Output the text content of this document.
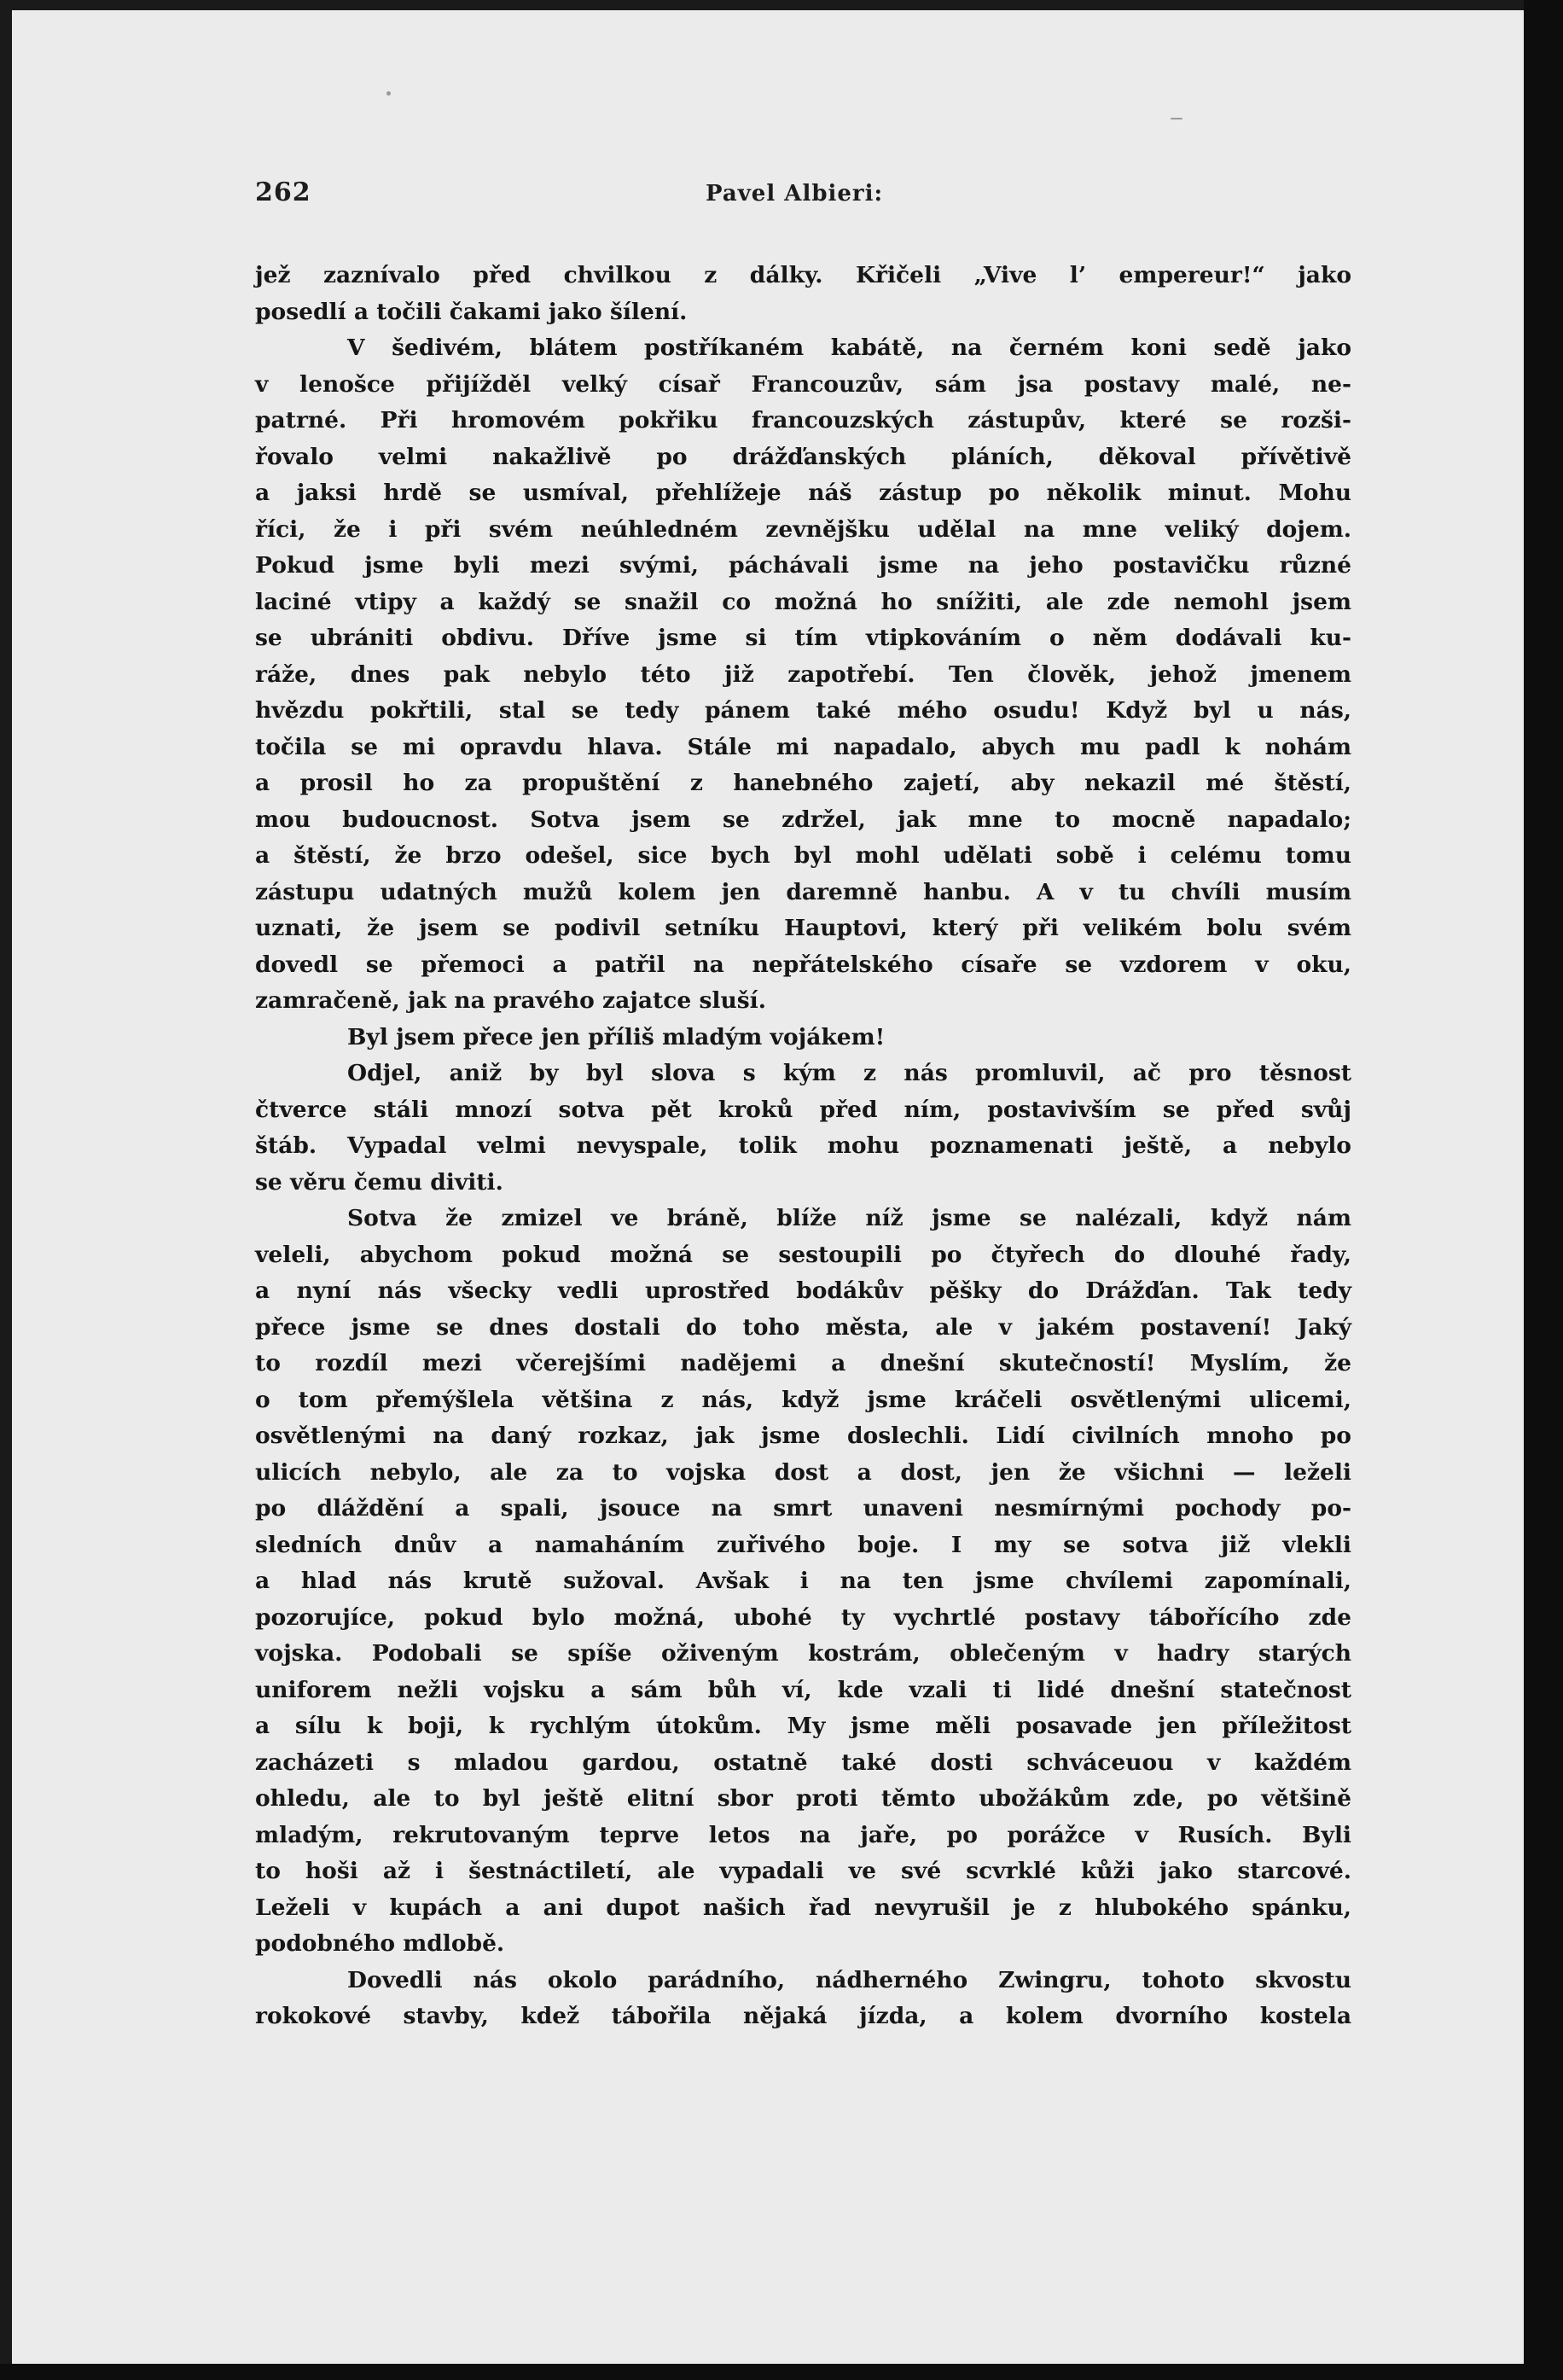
262	Pavel Albieri:
jež zaznívalo před chvilkou z dálky. Křičeli „Vive l’ empereur!“ jako
posedlí a točili čakami jako šílení.
V šedivém, blátem postříkaném kabátě, na černém koni sedě jako
v lenošce přijížděl velký císař Francouzův, sám jsa postavy malé, ne-
patrné. Při hromovém pokřiku francouzských zástupův, které se rozši-
řovalo velmi nakažlivě po drážďanských pláních, děkoval přívětivě
a jaksi hrdě se usmíval, přehlížeje náš zástup po několik minut. Mohu
říci, že i při svém neúhledném zevnějšku udělal na mne veliký dojem.
Pokud jsme byli mezi svými, páchávali jsme na jeho postavičku různé
laciné vtipy a každý se snažil co možná ho snížiti, ale zde nemohl jsem
se ubrániti obdivu. Dříve jsme si tím vtipkováním o něm dodávali ku-
ráže, dnes pak nebylo této již zapotřebí. Ten člověk, jehož jmenem
hvězdu pokřtili, stal se tedy pánem také mého osudu! Když byl u nás,
točila se mi opravdu hlava. Stále mi napadalo, abych mu padl k nohám
a prosil ho za propuštění z hanebného zajetí, aby nekazil mé štěstí,
mou budoucnost. Sotva jsem se zdržel, jak mne to mocně napadalo;
a štěstí, že brzo odešel, sice bych byl mohl udělati sobě i celému tomu
zástupu udatných mužů kolem jen daremně hanbu. A v tu chvíli musím
uznati, že jsem se podivil setníku Hauptovi, který při velikém bolu svém
dovedl se přemoci a patřil na nepřátelského císaře se vzdorem v oku,
zamračeně, jak na pravého zajatce sluší.
Byl jsem přece jen příliš mladým vojákem!
Odjel, aniž by byl slova s kým z nás promluvil, ač pro těsnost
čtverce stáli mnozí sotva pět kroků před ním, postavivším se před svůj
štáb. Vypadal velmi nevyspale, tolik mohu poznamenati ještě, a nebylo
se věru čemu diviti.
Sotva že zmizel ve bráně, blíže níž jsme se nalézali, když nám
veleli, abychom pokud možná se sestoupili po čtyřech do dlouhé řady,
a nyní nás všecky vedli uprostřed bodákův pěšky do Drážďan. Tak tedy
přece jsme se dnes dostali do toho města, ale v jakém postavení! Jaký
to rozdíl mezi včerejšími nadějemi a dnešní skutečností! Myslím, že
o tom přemýšlela většina z nás, když jsme kráčeli osvětlenými ulicemi,
osvětlenými na daný rozkaz, jak jsme doslechli. Lidí civilních mnoho po
ulicích nebylo, ale za to vojska dost a dost, jen že všichni — leželi
po dláždění a spali, jsouce na smrt unaveni nesmírnými pochody po-
sledních dnův a namaháním zuřivého boje. I my se sotva již vlekli
a hlad nás krutě sužoval. Avšak i na ten jsme chvílemi zapomínali,
pozorujíce, pokud bylo možná, ubohé ty vychrtlé postavy tábořícího zde
vojska. Podobali se spíše oživeným kostrám, oblečeným v hadry starých
uniforem nežli vojsku a sám bůh ví, kde vzali ti lidé dnešní statečnost
a sílu k boji, k rychlým útokům. My jsme měli posavade jen příležitost
zacházeti s mladou gardou, ostatně také dosti schváceuou v každém
ohledu, ale to byl ještě elitní sbor proti těmto ubožákům zde, po většině
mladým, rekrutovaným teprve letos na jaře, po porážce v Rusích. Byli
to hoši až i šestnáctiletí, ale vypadali ve své scvrklé kůži jako starcové.
Leželi v kupách a ani dupot našich řad nevyrušil je z hlubokého spánku,
podobného mdlobě.
Dovedli nás okolo parádního, nádherného Zwingru, tohoto skvostu
rokokové stavby, kdež tábořila nějaká jízda, a kolem dvorního kostela
